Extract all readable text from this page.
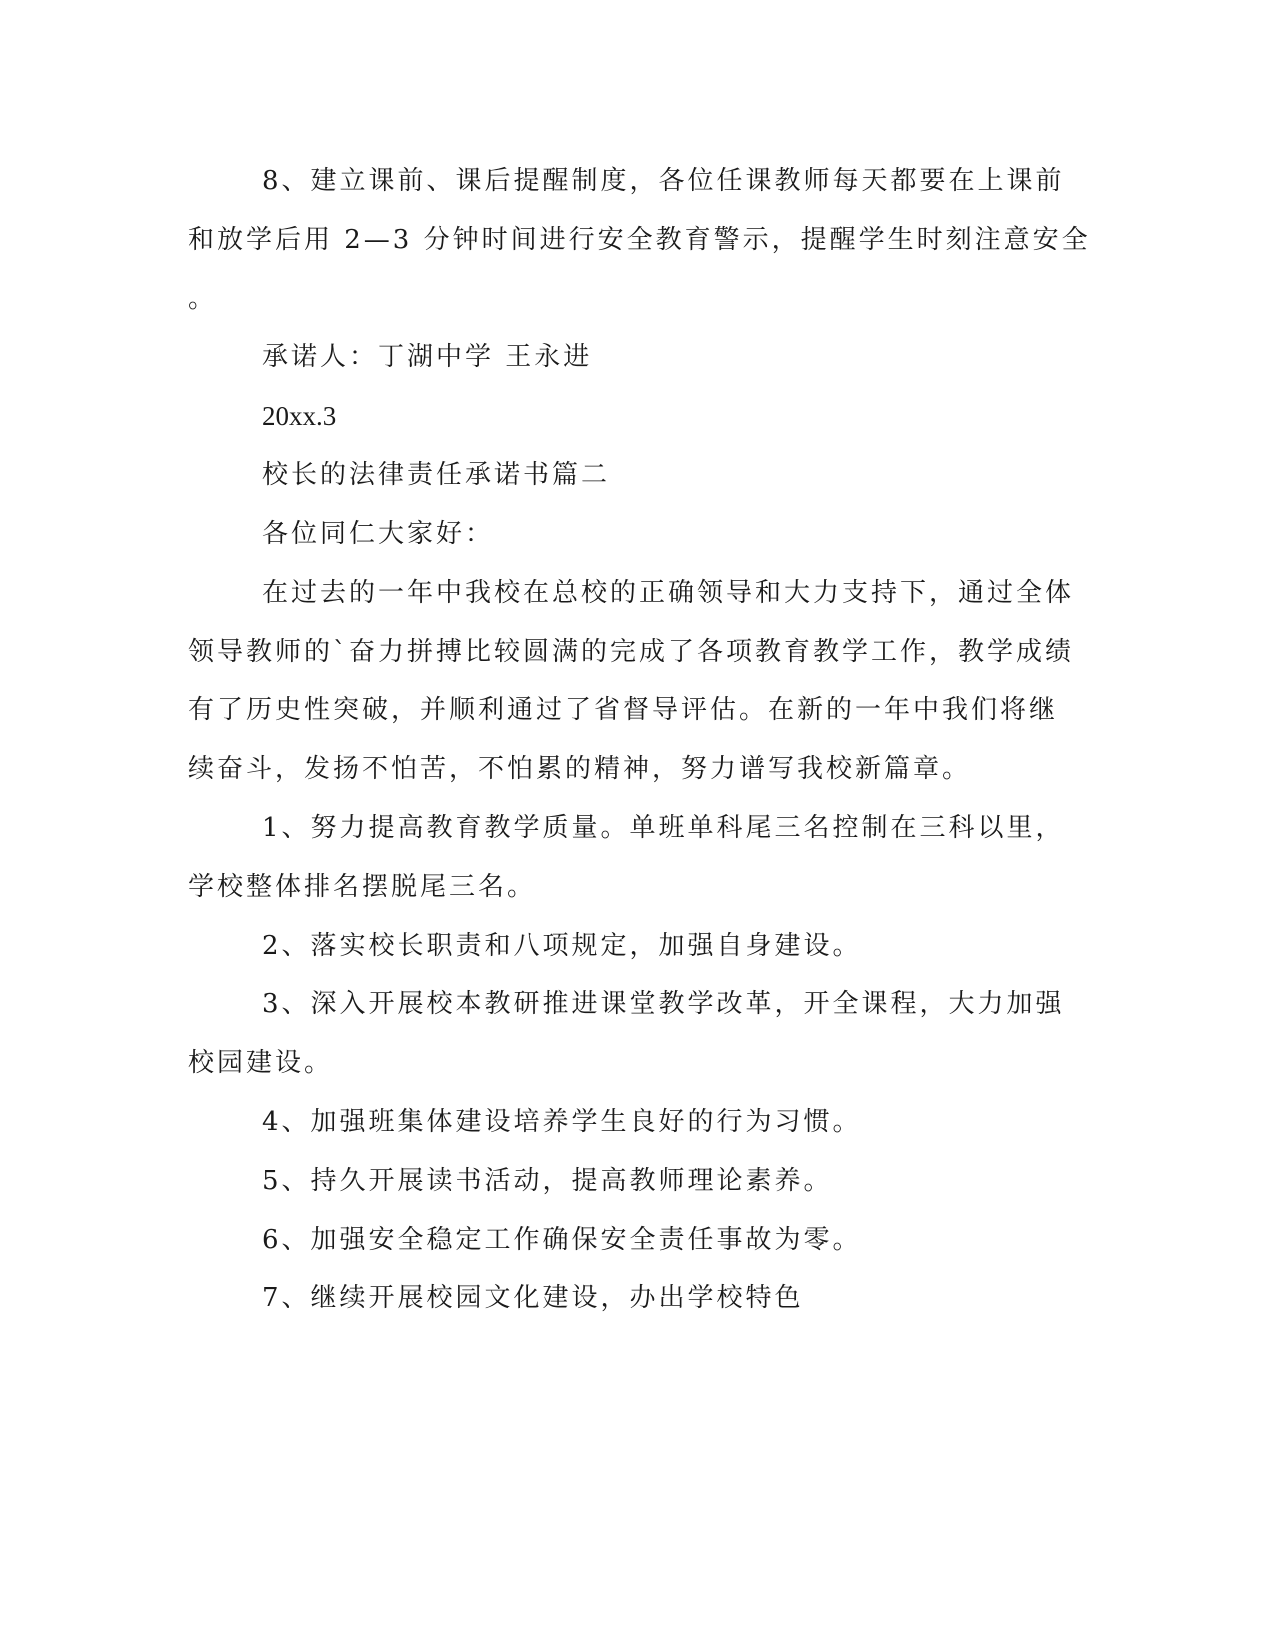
8、建立课前、课后提醒制度，各位任课教师每天都要在上课前
和放学后用 2—3 分钟时间进行安全教育警示，提醒学生时刻注意安全
。
承诺人：丁湖中学 王永进
20xx.3
校长的法律责任承诺书篇二
各位同仁大家好：
在过去的一年中我校在总校的正确领导和大力支持下，通过全体
领导教师的`奋力拼搏比较圆满的完成了各项教育教学工作，教学成绩
有了历史性突破，并顺利通过了省督导评估。在新的一年中我们将继
续奋斗，发扬不怕苦，不怕累的精神，努力谱写我校新篇章。
1、努力提高教育教学质量。单班单科尾三名控制在三科以里，
学校整体排名摆脱尾三名。
2、落实校长职责和八项规定，加强自身建设。
3、深入开展校本教研推进课堂教学改革，开全课程，大力加强
校园建设。
4、加强班集体建设培养学生良好的行为习惯。
5、持久开展读书活动，提高教师理论素养。
6、加强安全稳定工作确保安全责任事故为零。
7、继续开展校园文化建设，办出学校特色
